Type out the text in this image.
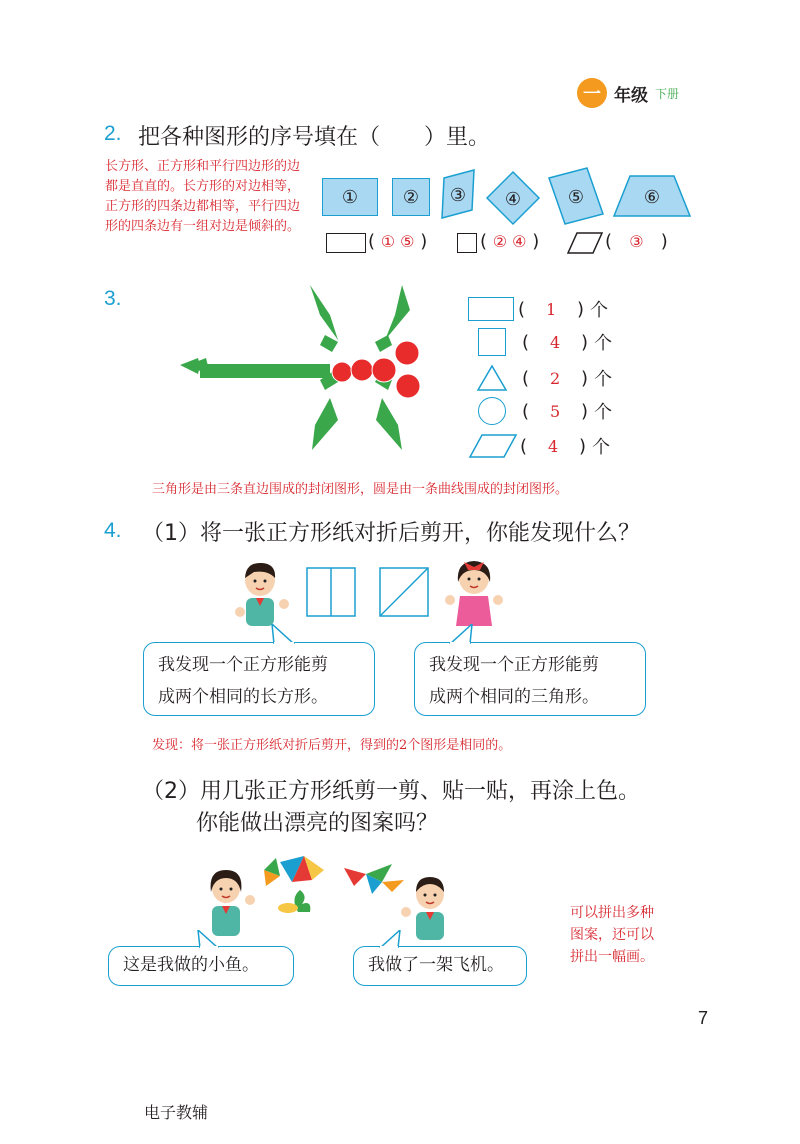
一 年级 下册
2. 把各种图形的序号填在（　　）里。
长方形、正方形和平行四边形的边都是直直的。长方形的对边相等，正方形的四条边都相等，平行四边形的四条边有一组对边是倾斜的。
① ② ③ ④	⑤	⑥
( ① ⑤ )	( ② ④ )	(   ③   )
3.	(	1	) 个
(	4	) 个
(	2	) 个
(	5	) 个
(	4	) 个
三角形是由三条直边围成的封闭图形，圆是由一条曲线围成的封闭图形。
4. （1）将一张正方形纸对折后剪开，你能发现什么？
我发现一个正方形能剪
成两个相同的长方形。
我发现一个正方形能剪
成两个相同的三角形。
发现：将一张正方形纸对折后剪开，得到的2个图形是相同的。
（2）用几张正方形纸剪一剪、贴一贴，再涂上色。
你能做出漂亮的图案吗？
这是我做的小鱼。	我做了一架飞机。
可以拼出多种
图案，还可以
拼出一幅画。
7
电子教辅
